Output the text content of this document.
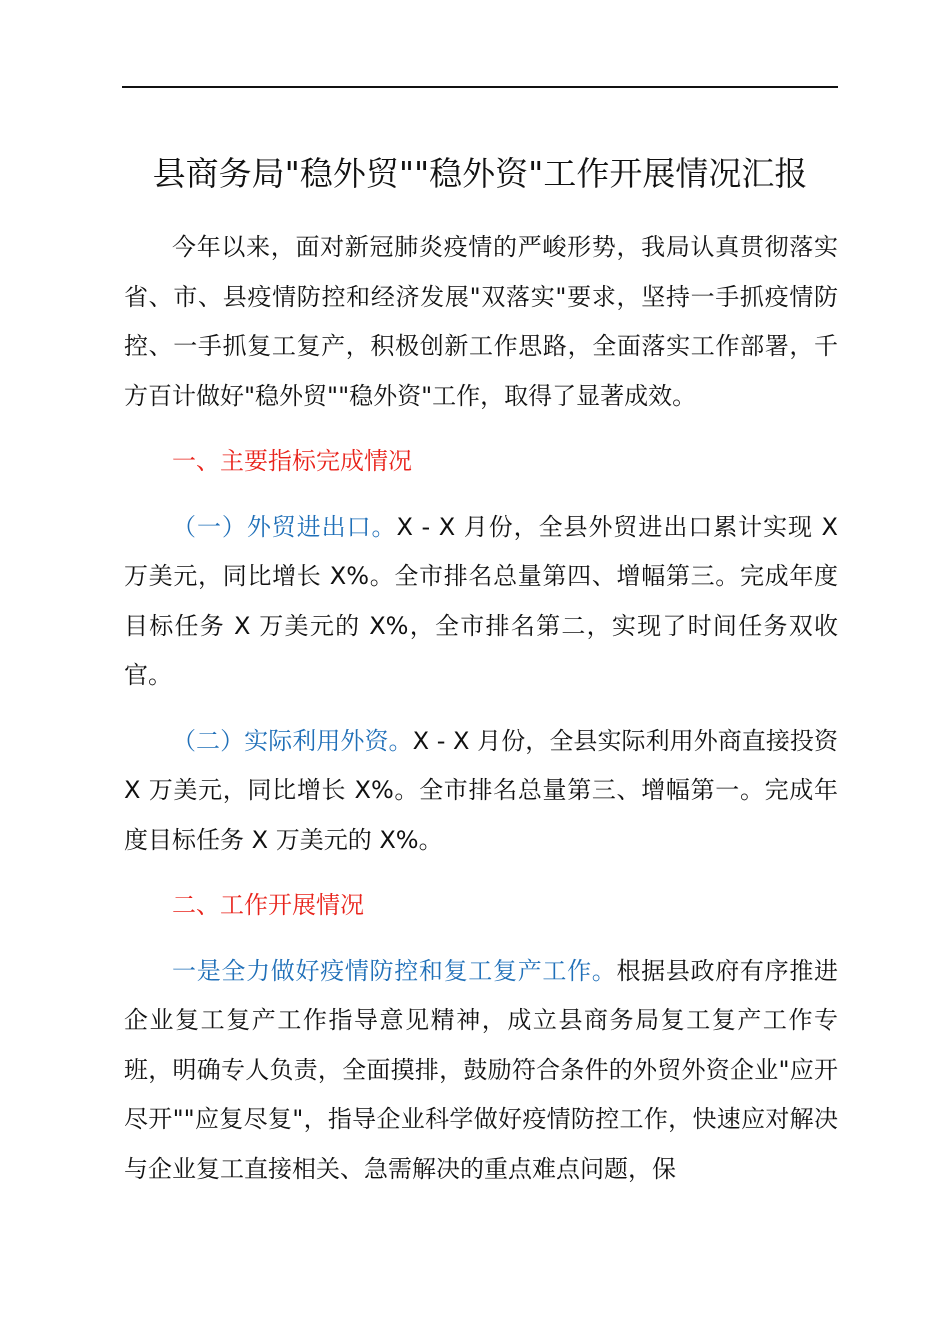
县商务局"稳外贸""稳外资"工作开展情况汇报

今年以来，面对新冠肺炎疫情的严峻形势，我局认真贯彻落实省、市、县疫情防控和经济发展"双落实"要求，坚持一手抓疫情防控、一手抓复工复产，积极创新工作思路，全面落实工作部署，千方百计做好"稳外贸""稳外资"工作，取得了显著成效。

一、主要指标完成情况

（一）外贸进出口。X - X 月份，全县外贸进出口累计实现 X 万美元，同比增长 X%。全市排名总量第四、增幅第三。完成年度目标任务 X 万美元的 X%，全市排名第二，实现了时间任务双收官。

（二）实际利用外资。X - X 月份，全县实际利用外商直接投资 X 万美元，同比增长 X%。全市排名总量第三、增幅第一。完成年度目标任务 X 万美元的 X%。

二、工作开展情况

一是全力做好疫情防控和复工复产工作。根据县政府有序推进企业复工复产工作指导意见精神，成立县商务局复工复产工作专班，明确专人负责，全面摸排，鼓励符合条件的外贸外资企业"应开尽开""应复尽复"，指导企业科学做好疫情防控工作，快速应对解决与企业复工直接相关、急需解决的重点难点问题，保
